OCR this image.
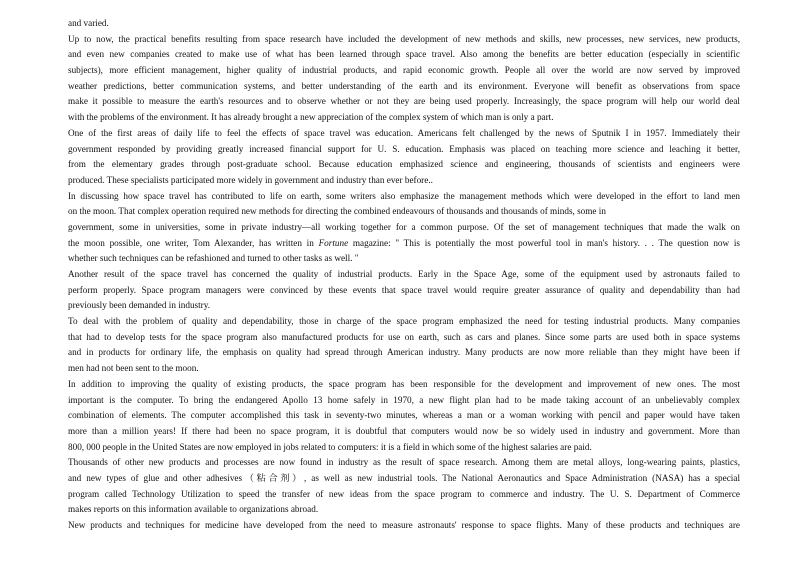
and varied.
Up to now, the practical benefits resulting from space research have included the development of new methods and skills, new processes, new services, new products,
and even new companies created to make use of what has been learned through space travel. Also among the benefits are better education (especially in scientific
subjects), more efficient management, higher quality of industrial products, and rapid economic growth. People all over the world are now served by improved
weather predictions, better communication systems, and better understanding of the earth and its environment. Everyone will benefit as observations from space
make it possible to measure the earth's resources and to observe whether or not they are being used properly. Increasingly, the space program will help our world deal
with the problems of the environment. It has already brought a new appreciation of the complex system of which man is only a part.
One of the first areas of daily life to feel the effects of space travel was education. Americans felt challenged by the news of Sputnik I in 1957. Immediately their
government responded by providing greatly increased financial support for U. S. education. Emphasis was placed on teaching more science and leaching it better,
from the elementary grades through post-graduate school. Because education emphasized science and engineering, thousands of scientists and engineers were
produced. These specialists participated more widely in government and industry than ever before..
In discussing how space travel has contributed to life on earth, some writers also emphasize the management methods which were developed in the effort to land men
on the moon. That complex operation required new methods for directing the combined endeavours of thousands and thousands of minds, some in
government, some in universities, some in private industry—all working together for a common purpose. Of the set of management techniques that made the walk on
the moon possible, one writer, Tom Alexander, has written in Fortune magazine: " This is potentially the most powerful tool in man's history. . . The question now is
whether such techniques can be refashioned and turned to other tasks as well. "
Another result of the space travel has concerned the quality of industrial products. Early in the Space Age, some of the equipment used by astronauts failed to
perform properly. Space program managers were convinced by these events that space travel would require greater assurance of quality and dependability than had
previously been demanded in industry.
To deal with the problem of quality and dependability, those in charge of the space program emphasized the need for testing industrial products. Many companies
that had to develop tests for the space program also manufactured products for use on earth, such as cars and planes. Since some parts are used both in space systems
and in products for ordinary life, the emphasis on quality had spread through American industry. Many products are now more reliable than they might have been if
men had not been sent to the moon.
In addition to improving the quality of existing products, the space program has been responsible for the development and improvement of new ones. The most
important is the computer. To bring the endangered Apollo 13 home safely in 1970, a new flight plan had to be made taking account of an unbelievably complex
combination of elements. The computer accomplished this task in seventy-two minutes, whereas a man or a woman working with pencil and paper would have taken
more than a million years! If there had been no space program, it is doubtful that computers would now be so widely used in industry and government. More than
800, 000 people in the United States are now employed in jobs related to computers: it is a field in which some of the highest salaries are paid.
Thousands of other new products and processes are now found in industry as the result of space research. Among them are metal alloys, long-wearing paints, plastics,
and new types of glue and other adhesives（粘合剂）, as well as new industrial tools. The National Aeronautics and Space Administration (NASA) has a special
program called Technology Utilization to speed the transfer of new ideas from the space program to commerce and industry. The U. S. Department of Commerce
makes reports on this information available to organizations abroad.
New products and techniques for medicine have developed from the need to measure astronauts' response to space flights. Many of these products and techniques are
